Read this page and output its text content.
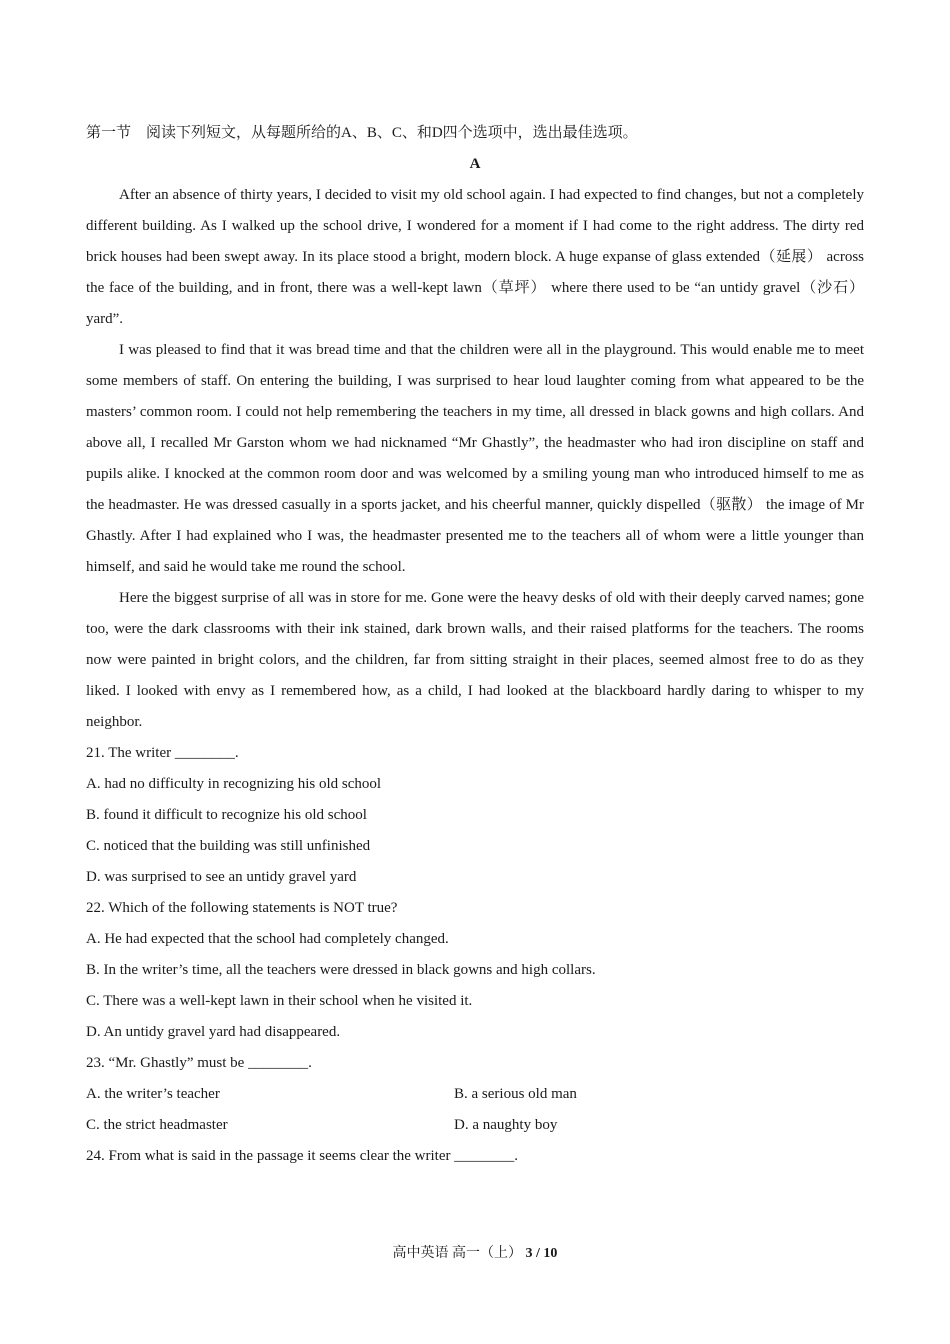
第一节　阅读下列短文，从每题所给的A、B、C、和D四个选项中，选出最佳选项。

A

After an absence of thirty years, I decided to visit my old school again. I had expected to find changes, but not a completely different building. As I walked up the school drive, I wondered for a moment if I had come to the right address. The dirty red brick houses had been swept away. In its place stood a bright, modern block. A huge expanse of glass extended（延展） across the face of the building, and in front, there was a well-kept lawn（草坪） where there used to be “an untidy gravel（沙石） yard”.

I was pleased to find that it was bread time and that the children were all in the playground. This would enable me to meet some members of staff. On entering the building, I was surprised to hear loud laughter coming from what appeared to be the masters’ common room. I could not help remembering the teachers in my time, all dressed in black gowns and high collars. And above all, I recalled Mr Garston whom we had nicknamed “Mr Ghastly”, the headmaster who had iron discipline on staff and pupils alike. I knocked at the common room door and was welcomed by a smiling young man who introduced himself to me as the headmaster. He was dressed casually in a sports jacket, and his cheerful manner, quickly dispelled（驱散） the image of Mr Ghastly. After I had explained who I was, the headmaster presented me to the teachers all of whom were a little younger than himself, and said he would take me round the school.

Here the biggest surprise of all was in store for me. Gone were the heavy desks of old with their deeply carved names; gone too, were the dark classrooms with their ink stained, dark brown walls, and their raised platforms for the teachers. The rooms now were painted in bright colors, and the children, far from sitting straight in their places, seemed almost free to do as they liked. I looked with envy as I remembered how, as a child, I had looked at the blackboard hardly daring to whisper to my neighbor.

21. The writer ________.

A. had no difficulty in recognizing his old school

B. found it difficult to recognize his old school

C. noticed that the building was still unfinished

D. was surprised to see an untidy gravel yard

22. Which of the following statements is NOT true?

A. He had expected that the school had completely changed.

B. In the writer’s time, all the teachers were dressed in black gowns and high collars.

C. There was a well-kept lawn in their school when he visited it.

D. An untidy gravel yard had disappeared.

23. “Mr. Ghastly” must be ________.

A. the writer’s teacher	B. a serious old man
C. the strict headmaster	D. a naughty boy

24. From what is said in the passage it seems clear the writer ________.

高中英语 高一（上） 3 / 10
